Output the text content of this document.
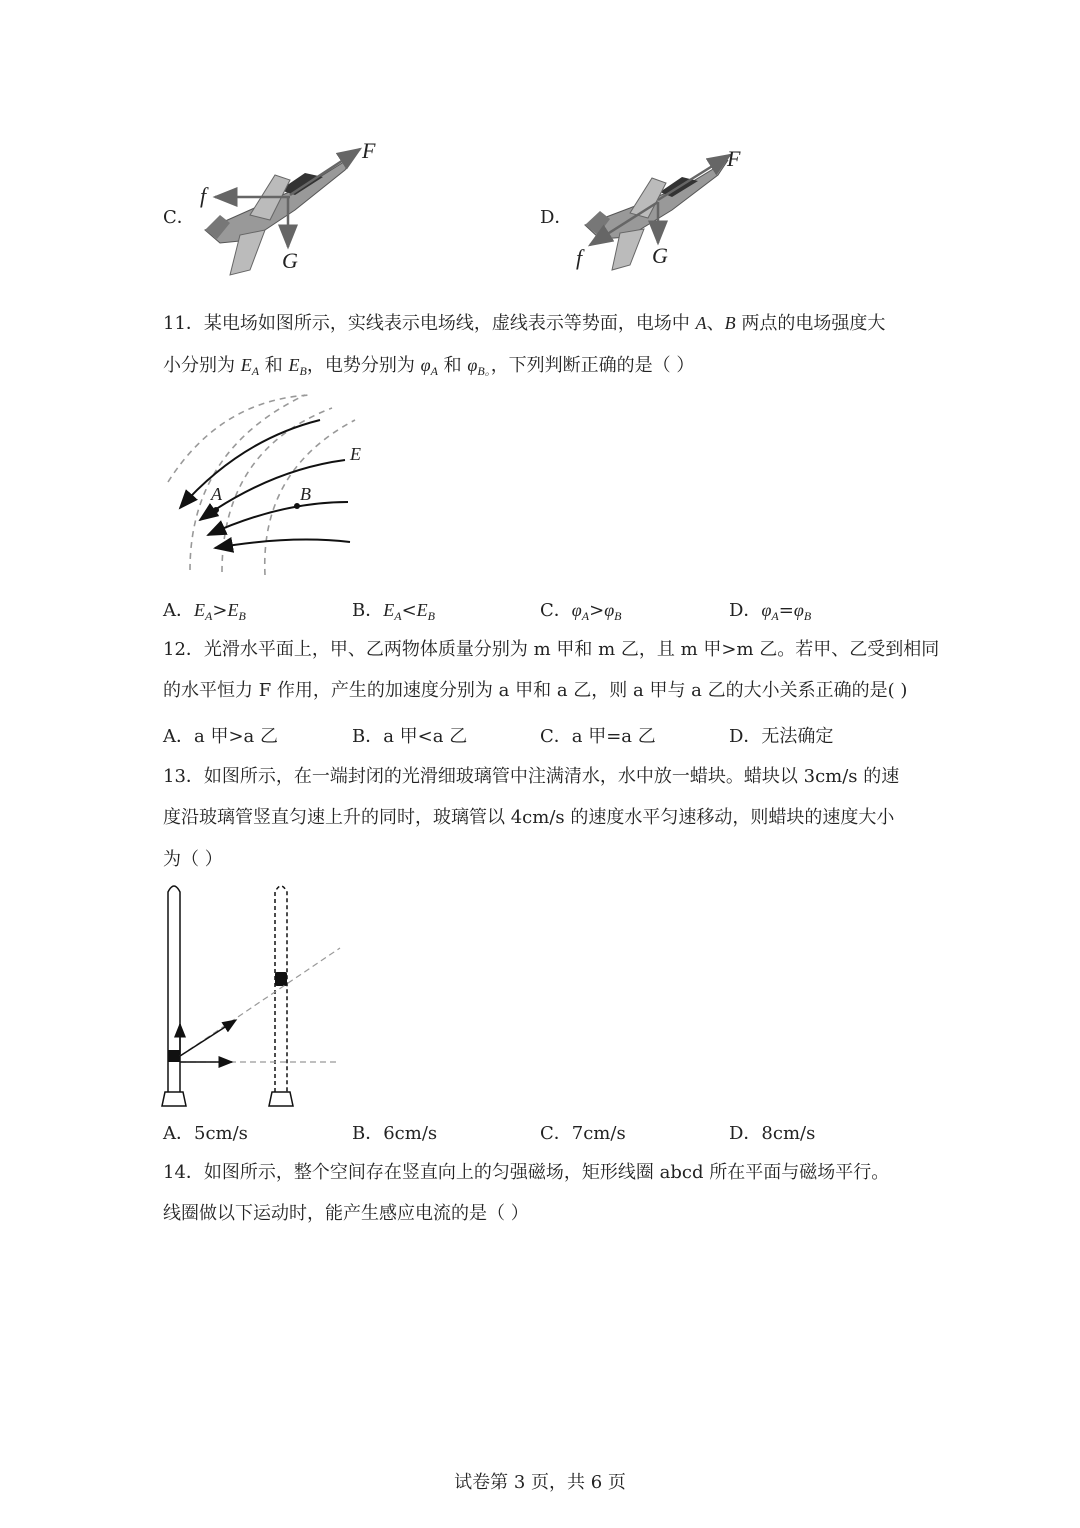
C．
F
f
G
D．
F
f	G
11．某电场如图所示，实线表示电场线，虚线表示等势面，电场中 A、B 两点的电场强度大
小分别为 $E_A$ 和 $E_B$，电势分别为 $\varphi_A$ 和 $\varphi_{B。}$，下列判断正确的是（ ）
E
A	B
A．$E_A>E_B$	B．$E_A<E_B$	C．$\varphi_A>\varphi_B$	D．$\varphi_A=\varphi_B$
12．光滑水平面上，甲、乙两物体质量分别为 m 甲和 m 乙，且 m 甲>m 乙。若甲、乙受到相同
的水平恒力 F 作用，产生的加速度分别为 a 甲和 a 乙，则 a 甲与 a 乙的大小关系正确的是( )
A．a 甲>a 乙	B．a 甲<a 乙	C．a 甲=a 乙	D．无法确定
13．如图所示，在一端封闭的光滑细玻璃管中注满清水，水中放一蜡块。蜡块以 3cm/s 的速
度沿玻璃管竖直匀速上升的同时，玻璃管以 4cm/s 的速度水平匀速移动，则蜡块的速度大小
为（ ）
A．5cm/s	B．6cm/s	C．7cm/s	D．8cm/s
14．如图所示，整个空间存在竖直向上的匀强磁场，矩形线圈 abcd 所在平面与磁场平行。
线圈做以下运动时，能产生感应电流的是（ ）
试卷第 3 页，共 6 页
